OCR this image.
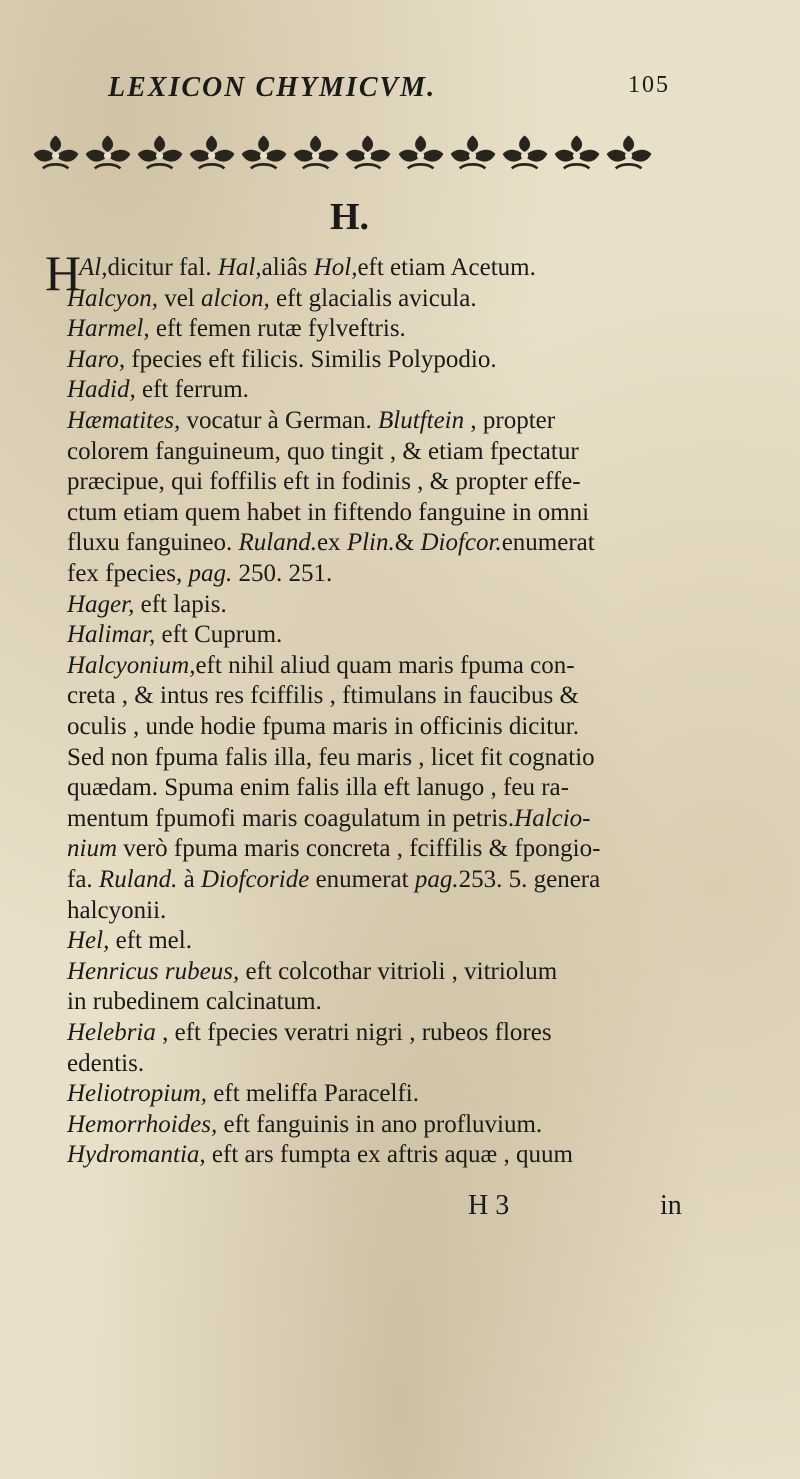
LEXICON CHYMICVM.	105
H.
H
Al,dicitur fal. Hal,aliâs Hol,eft etiam Acetum.
Halcyon, vel alcion, eft glacialis avicula.
Harmel, eft femen rutæ fylveftris.
Haro, fpecies eft filicis. Similis Polypodio.
Hadid, eft ferrum.
Hæmatites, vocatur à German. Blutftein , propter
colorem fanguineum, quo tingit , & etiam fpectatur
præcipue, qui foffilis eft in fodinis , & propter effe-
ctum etiam quem habet in fiftendo fanguine in omni
fluxu fanguineo. Ruland.ex Plin.& Diofcor.enumerat
fex fpecies, pag. 250. 251.
Hager, eft lapis.
Halimar, eft Cuprum.
Halcyonium,eft nihil aliud quam maris fpuma con-
creta , & intus res fciffilis , ftimulans in faucibus &
oculis , unde hodie fpuma maris in officinis dicitur.
Sed non fpuma falis illa, feu maris , licet fit cognatio
quædam. Spuma enim falis illa eft lanugo , feu ra-
mentum fpumofi maris coagulatum in petris.Halcio-
nium verò fpuma maris concreta , fciffilis & fpongio-
fa. Ruland. à Diofcoride enumerat pag.253. 5. genera
halcyonii.
Hel, eft mel.
Henricus rubeus, eft colcothar vitrioli , vitriolum
in rubedinem calcinatum.
Helebria , eft fpecies veratri nigri , rubeos flores
edentis.
Heliotropium, eft meliffa Paracelfi.
Hemorrhoides, eft fanguinis in ano profluvium.
Hydromantia, eft ars fumpta ex aftris aquæ , quum
H 3	in
